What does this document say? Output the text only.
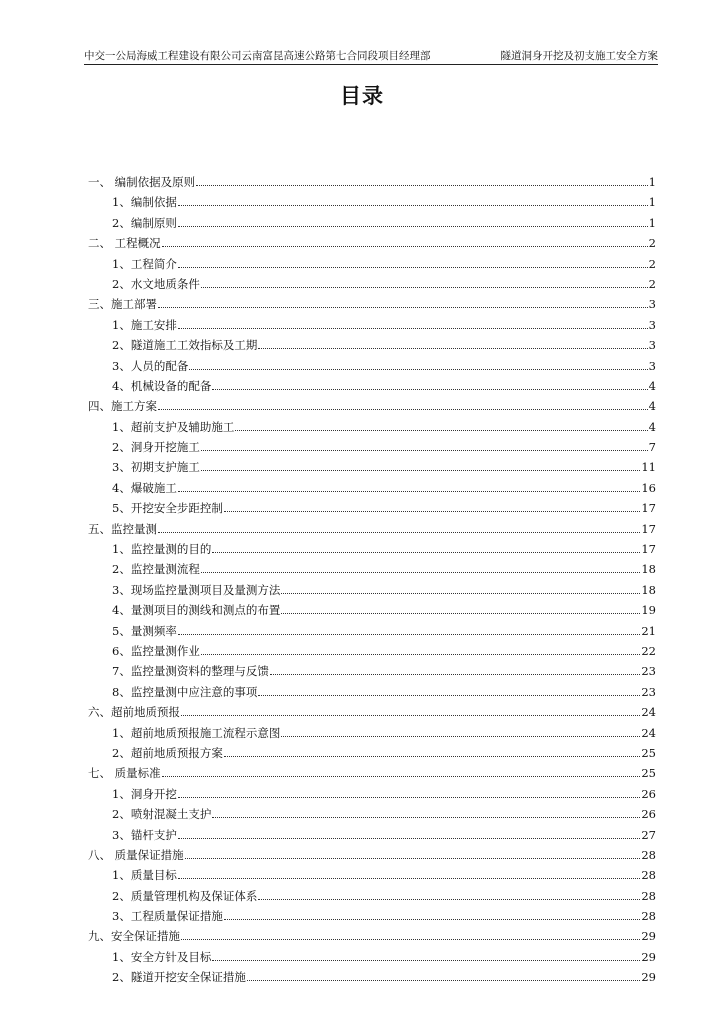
中交一公局海威工程建设有限公司云南富昆高速公路第七合同段项目经理部	隧道洞身开挖及初支施工安全方案
目录
一、 编制依据及原则	1
1、编制依据	1
2、编制原则	1
二、 工程概况	2
1、工程简介	2
2、水文地质条件	2
三、施工部署	3
1、施工安排	3
2、隧道施工工效指标及工期	3
3、人员的配备	3
4、机械设备的配备	4
四、施工方案	4
1、超前支护及辅助施工	4
2、洞身开挖施工	7
3、初期支护施工	11
4、爆破施工	16
5、开挖安全步距控制	17
五、监控量测	17
1、监控量测的目的	17
2、监控量测流程	18
3、现场监控量测项目及量测方法	18
4、量测项目的测线和测点的布置	19
5、量测频率	21
6、监控量测作业	22
7、监控量测资料的整理与反馈	23
8、监控量测中应注意的事项	23
六、超前地质预报	24
1、超前地质预报施工流程示意图	24
2、超前地质预报方案	25
七、 质量标准	25
1、洞身开挖	26
2、喷射混凝土支护	26
3、锚杆支护	27
八、 质量保证措施	28
1、质量目标	28
2、质量管理机构及保证体系	28
3、工程质量保证措施	28
九、安全保证措施	29
1、安全方针及目标	29
2、隧道开挖安全保证措施	29
